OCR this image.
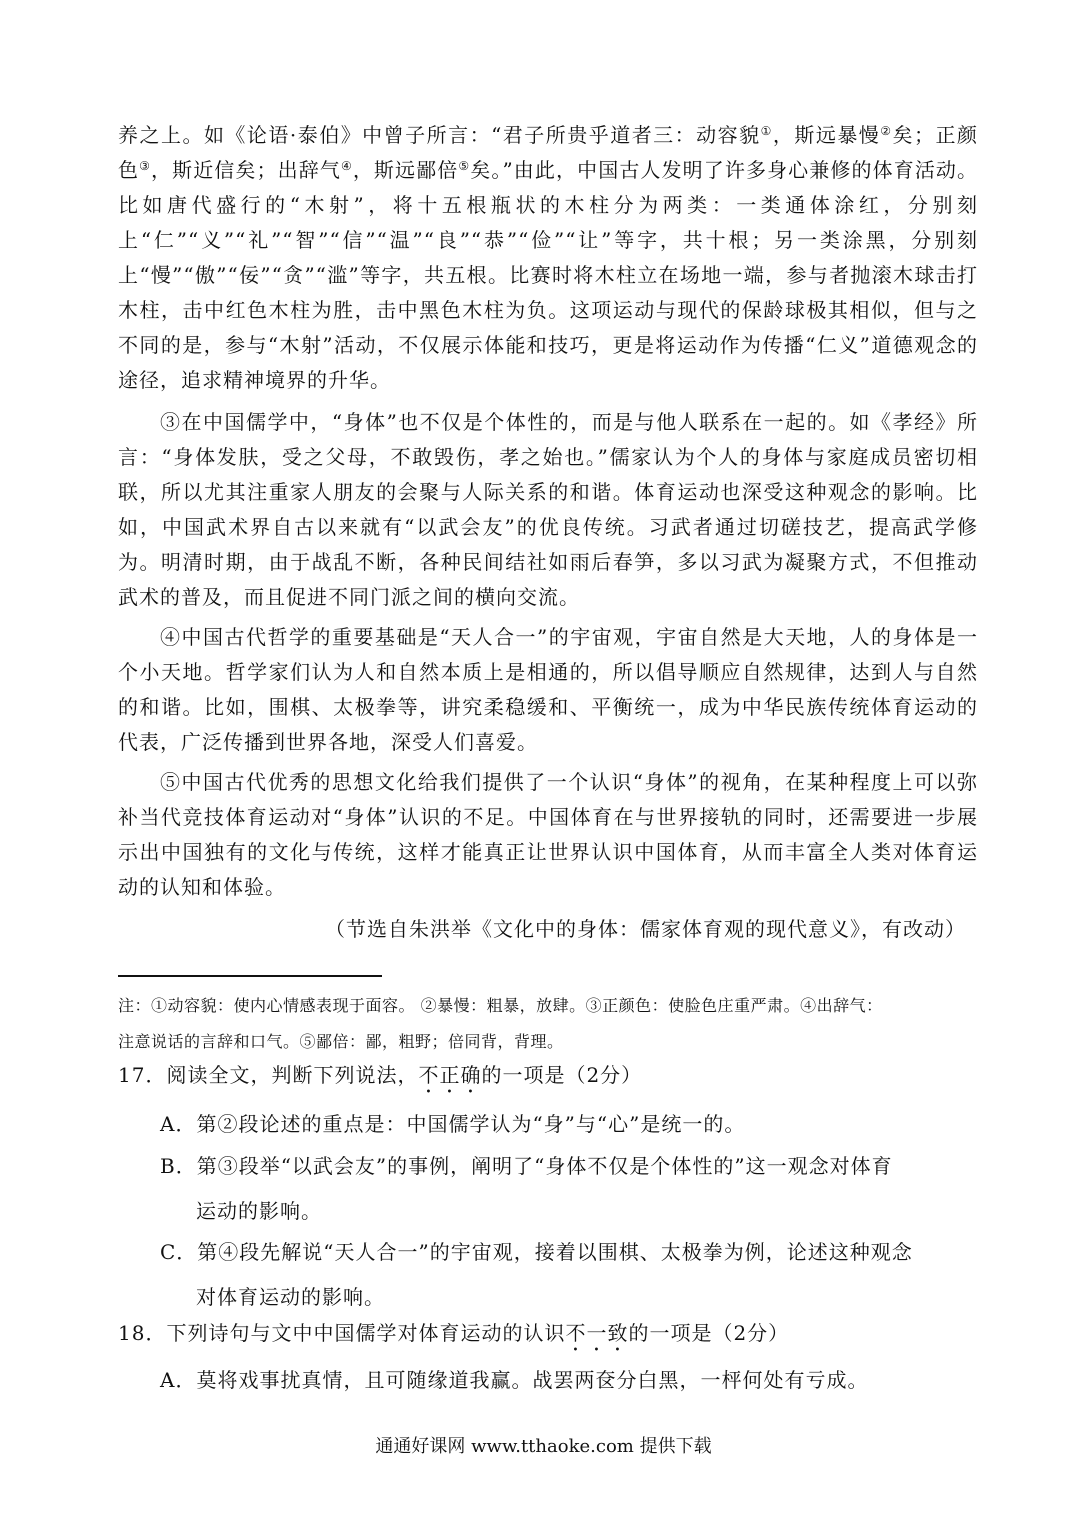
养之上。如《论语·泰伯》中曾子所言：“君子所贵乎道者三：动容貌①，斯远暴慢②矣；正颜色③，斯近信矣；出辞气④，斯远鄙倍⑤矣。”由此，中国古人发明了许多身心兼修的体育活动。比如唐代盛行的“木射”，将十五根瓶状的木柱分为两类：一类通体涂红，分别刻上“仁”“义”“礼”“智”“信”“温”“良”“恭”“俭”“让”等字，共十根；另一类涂黑，分别刻上“慢”“傲”“佞”“贪”“滥”等字，共五根。比赛时将木柱立在场地一端，参与者抛滚木球击打木柱，击中红色木柱为胜，击中黑色木柱为负。这项运动与现代的保龄球极其相似，但与之不同的是，参与“木射”活动，不仅展示体能和技巧，更是将运动作为传播“仁义”道德观念的途径，追求精神境界的升华。

③在中国儒学中，“身体”也不仅是个体性的，而是与他人联系在一起的。如《孝经》所言：“身体发肤，受之父母，不敢毁伤，孝之始也。”儒家认为个人的身体与家庭成员密切相联，所以尤其注重家人朋友的会聚与人际关系的和谐。体育运动也深受这种观念的影响。比如，中国武术界自古以来就有“以武会友”的优良传统。习武者通过切磋技艺，提高武学修为。明清时期，由于战乱不断，各种民间结社如雨后春笋，多以习武为凝聚方式，不但推动武术的普及，而且促进不同门派之间的横向交流。

④中国古代哲学的重要基础是“天人合一”的宇宙观，宇宙自然是大天地，人的身体是一个小天地。哲学家们认为人和自然本质上是相通的，所以倡导顺应自然规律，达到人与自然的和谐。比如，围棋、太极拳等，讲究柔稳缓和、平衡统一，成为中华民族传统体育运动的代表，广泛传播到世界各地，深受人们喜爱。

⑤中国古代优秀的思想文化给我们提供了一个认识“身体”的视角，在某种程度上可以弥补当代竞技体育运动对“身体”认识的不足。中国体育在与世界接轨的同时，还需要进一步展示出中国独有的文化与传统，这样才能真正让世界认识中国体育，从而丰富全人类对体育运动的认知和体验。

（节选自朱洪举《文化中的身体：儒家体育观的现代意义》，有改动）

注：①动容貌：使内心情感表现于面容。 ②暴慢：粗暴，放肆。③正颜色：使脸色庄重严肃。④出辞气：

注意说话的言辞和口气。⑤鄙倍：鄙，粗野；倍同背，背理。

17．阅读全文，判断下列说法，不正确的一项是（2分）

A．第②段论述的重点是：中国儒学认为“身”与“心”是统一的。

B．第③段举“以武会友”的事例，阐明了“身体不仅是个体性的”这一观念对体育
运动的影响。

C．第④段先解说“天人合一”的宇宙观，接着以围棋、太极拳为例，论述这种观念
对体育运动的影响。

18．下列诗句与文中中国儒学对体育运动的认识不一致的一项是（2分）

A．莫将戏事扰真情，且可随缘道我赢。战罢两奁分白黑，一枰何处有亏成。

通通好课网 www.tthaoke.com 提供下载
